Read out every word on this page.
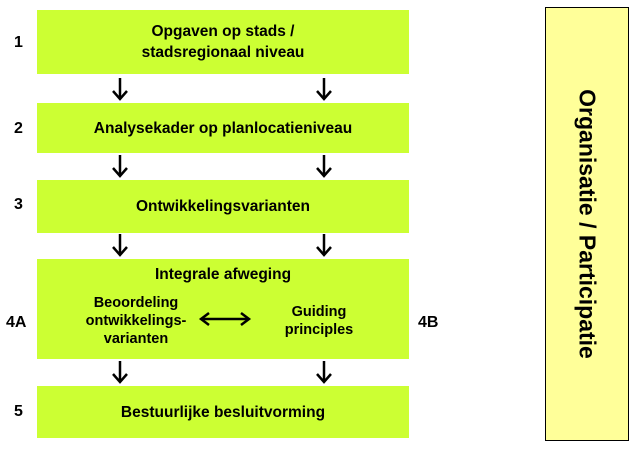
1
2
3
4A	4B
5
Opgaven op stads /
stadsregionaal niveau
Analysekader op planlocatieniveau
Ontwikkelingsvarianten
Integrale afweging
Beoordeling
ontwikkelings-
varianten
Guiding
principles
Bestuurlijke besluitvorming
Organisatie / Participatie
